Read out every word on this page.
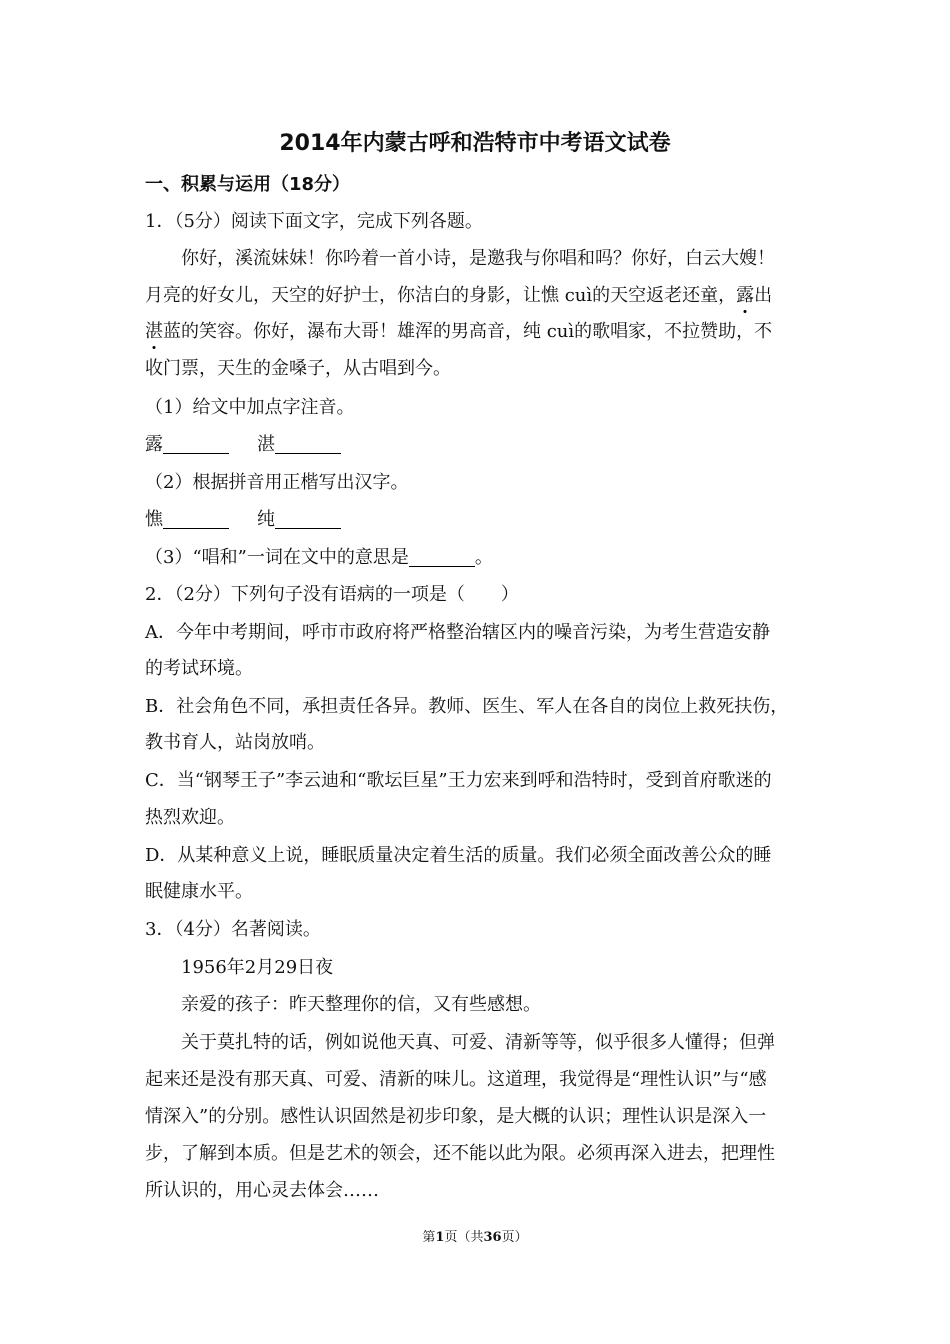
2014年内蒙古呼和浩特市中考语文试卷
一、积累与运用（18分）
1．（5分）阅读下面文字，完成下列各题。
你好，溪流妹妹！你吟着一首小诗，是邀我与你唱和吗？你好，白云大嫂！
月亮的好女儿，天空的好护士，你洁白的身影，让憔 cuì的天空返老还童，露出
湛蓝的笑容。你好，瀑布大哥！雄浑的男高音，纯 cuì的歌唱家，不拉赞助，不
收门票，天生的金嗓子，从古唱到今。
（1）给文中加点字注音。
露	湛
（2）根据拼音用正楷写出汉字。
憔	纯
（3）“唱和”一词在文中的意思是	。
2．（2分）下列句子没有语病的一项是（　　）
A．今年中考期间，呼市市政府将严格整治辖区内的噪音污染，为考生营造安静
的考试环境。
B．社会角色不同，承担责任各异。教师、医生、军人在各自的岗位上救死扶伤，
教书育人，站岗放哨。
C．当“钢琴王子”李云迪和“歌坛巨星”王力宏来到呼和浩特时，受到首府歌迷的
热烈欢迎。
D．从某种意义上说，睡眠质量决定着生活的质量。我们必须全面改善公众的睡
眠健康水平。
3．（4分）名著阅读。
1956年2月29日夜
亲爱的孩子：昨天整理你的信，又有些感想。
关于莫扎特的话，例如说他天真、可爱、清新等等，似乎很多人懂得；但弹
起来还是没有那天真、可爱、清新的味儿。这道理，我觉得是“理性认识”与“感
情深入”的分别。感性认识固然是初步印象，是大概的认识；理性认识是深入一
步，了解到本质。但是艺术的领会，还不能以此为限。必须再深入进去，把理性
所认识的，用心灵去体会……
第1页（共36页）
